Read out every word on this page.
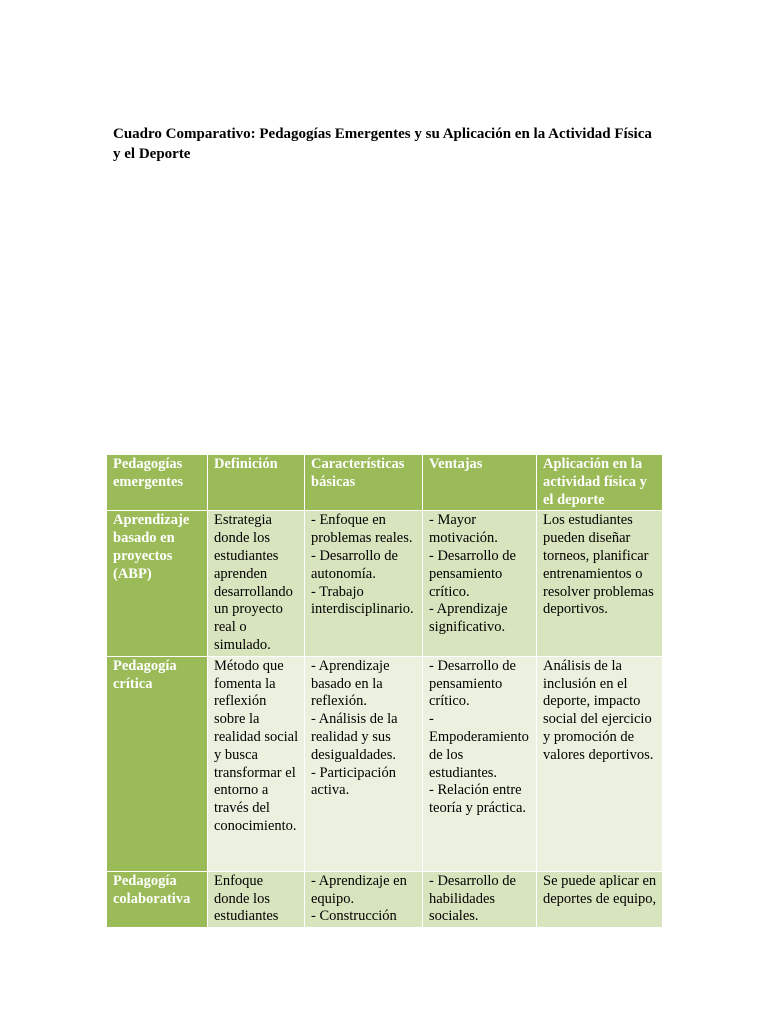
Cuadro Comparativo: Pedagogías Emergentes y su Aplicación en la Actividad Física y el Deporte
Pedagogías emergentes	Definición	Características básicas	Ventajas	Aplicación en la actividad física y el deporte
Aprendizaje basado en proyectos (ABP)	Estrategia donde los estudiantes aprenden desarrollando un proyecto real o simulado.	- Enfoque en problemas reales.
- Desarrollo de autonomía.
- Trabajo interdisciplinario.	- Mayor motivación.
- Desarrollo de pensamiento crítico.
- Aprendizaje significativo.	Los estudiantes pueden diseñar torneos, planificar entrenamientos o resolver problemas deportivos.
Pedagogía crítica	Método que fomenta la reflexión sobre la realidad social y busca transformar el entorno a través del conocimiento.	- Aprendizaje basado en la reflexión.
- Análisis de la realidad y sus desigualdades.
- Participación activa.	- Desarrollo de pensamiento crítico.
- Empoderamiento de los estudiantes.
- Relación entre teoría y práctica.	Análisis de la inclusión en el deporte, impacto social del ejercicio y promoción de valores deportivos.
Pedagogía colaborativa	Enfoque donde los estudiantes	- Aprendizaje en equipo.
- Construcción	- Desarrollo de habilidades sociales.	Se puede aplicar en deportes de equipo,
